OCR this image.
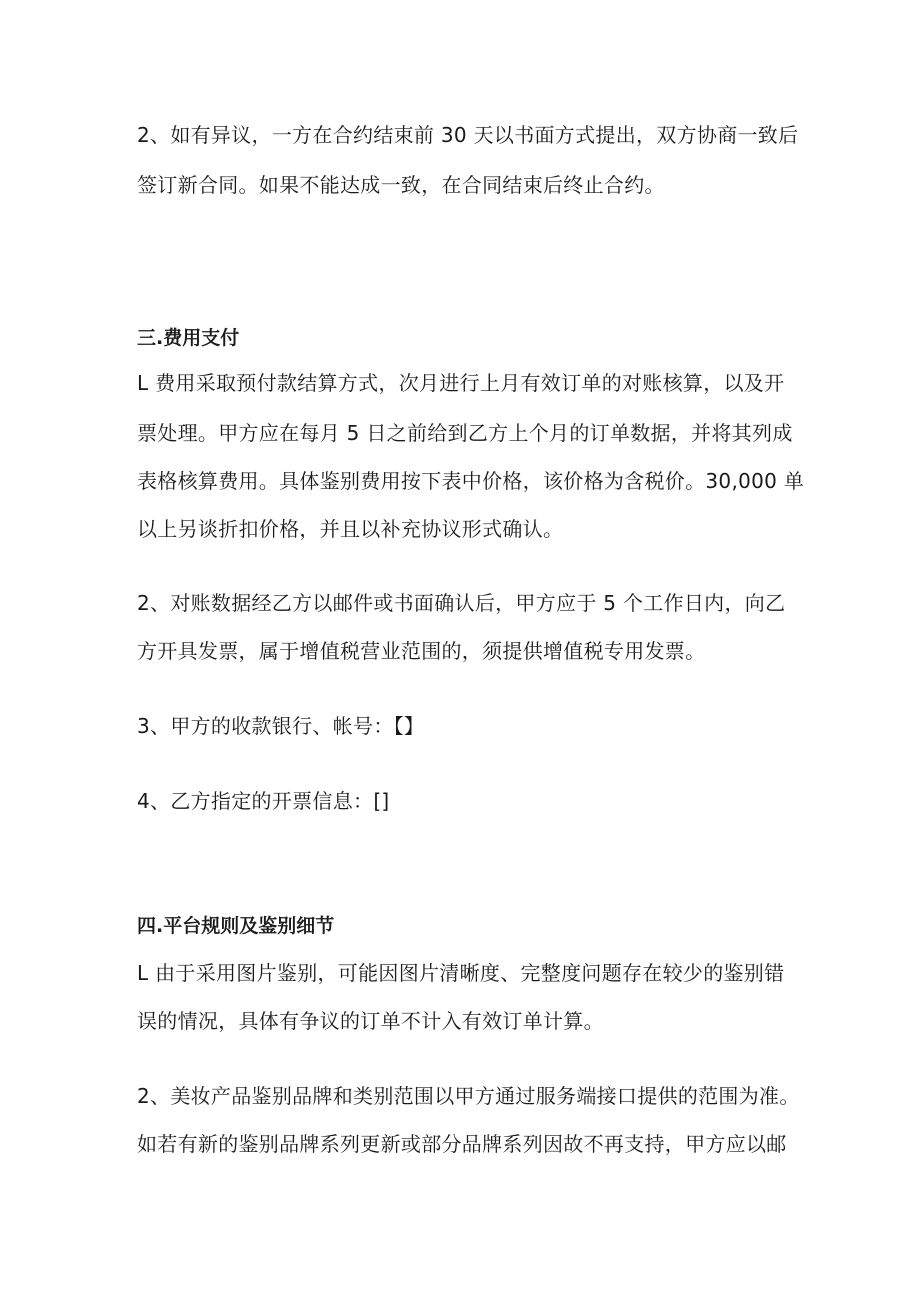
2、如有异议，一方在合约结束前 30 天以书面方式提出，双方协商一致后
签订新合同。如果不能达成一致，在合同结束后终止合约。
三.费用支付
L 费用采取预付款结算方式，次月进行上月有效订单的对账核算，以及开
票处理。甲方应在每月 5 日之前给到乙方上个月的订单数据，并将其列成
表格核算费用。具体鉴别费用按下表中价格，该价格为含税价。30,000 单
以上另谈折扣价格，并且以补充协议形式确认。
2、对账数据经乙方以邮件或书面确认后，甲方应于 5 个工作日内，向乙
方开具发票，属于增值税营业范围的，须提供增值税专用发票。
3、甲方的收款银行、帐号：【】
4、乙方指定的开票信息：[]
四.平台规则及鉴别细节
L 由于采用图片鉴别，可能因图片清晰度、完整度问题存在较少的鉴别错
误的情况，具体有争议的订单不计入有效订单计算。
2、美妆产品鉴别品牌和类别范围以甲方通过服务端接口提供的范围为准。
如若有新的鉴别品牌系列更新或部分品牌系列因故不再支持，甲方应以邮
